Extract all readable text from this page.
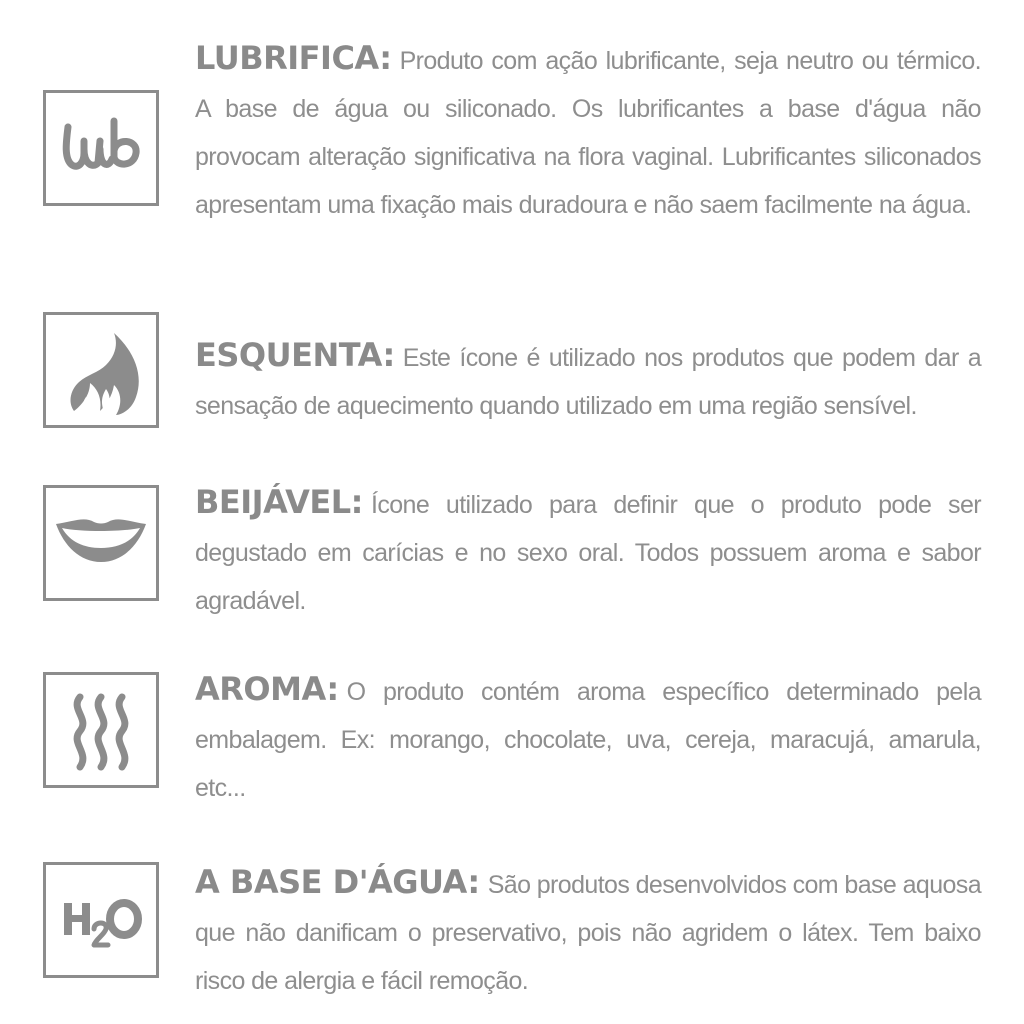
LUBRIFICA: Produto com ação lubrificante, seja neutro ou térmico. A base de água ou siliconado. Os lubrificantes a base d'água não provocam alteração significativa na flora vaginal. Lubrificantes siliconados apresentam uma fixação mais duradoura e não saem facilmente na água.

ESQUENTA: Este ícone é utilizado nos produtos que podem dar a sensação de aquecimento quando utilizado em uma região sensível.

BEIJÁVEL: Ícone utilizado para definir que o produto pode ser degustado em carícias e no sexo oral. Todos possuem aroma e sabor agradável.

AROMA: O produto contém aroma específico determinado pela embalagem. Ex: morango, chocolate, uva, cereja, maracujá, amarula, etc...

A BASE D'ÁGUA: São produtos desenvolvidos com base aquosa que não danificam o preservativo, pois não agridem o látex. Tem baixo risco de alergia e fácil remoção.
